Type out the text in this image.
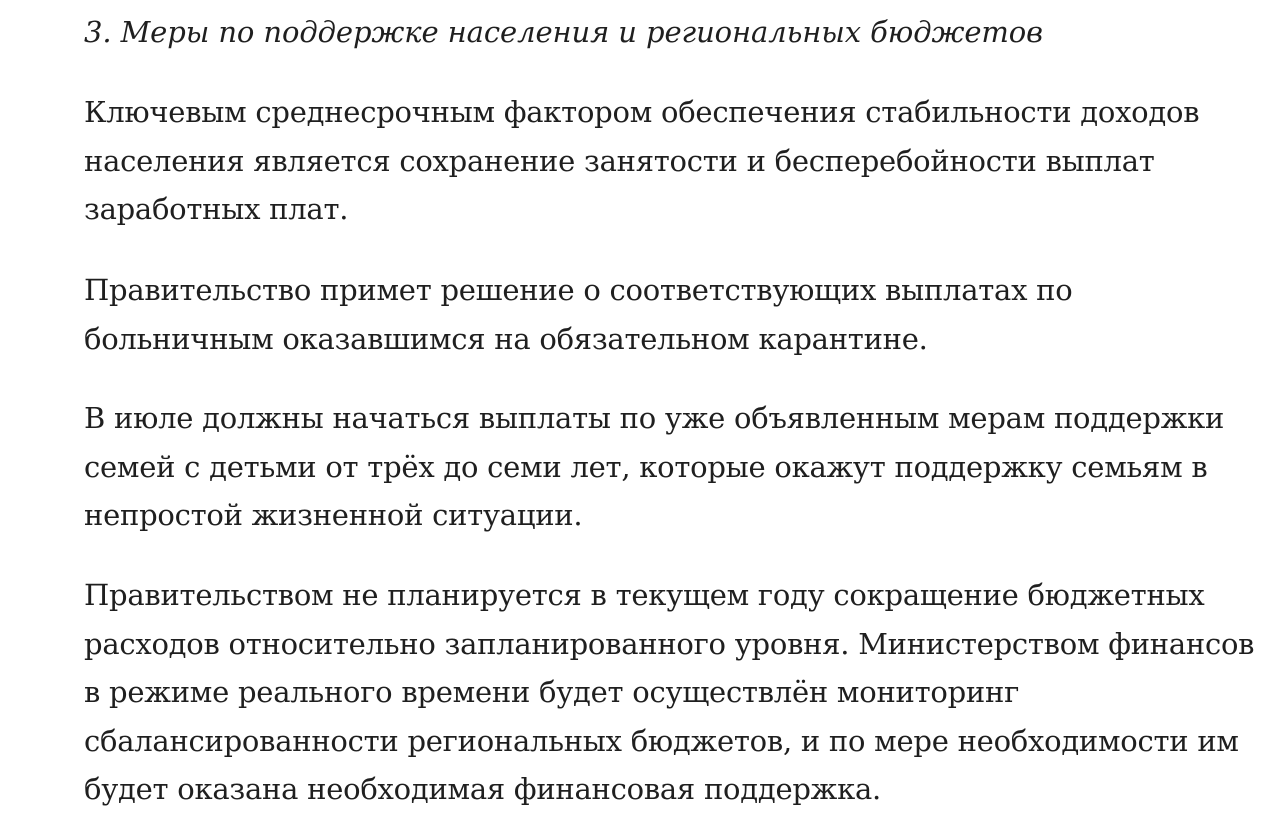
3. Меры по поддержке населения и региональных бюджетов

Ключевым среднесрочным фактором обеспечения стабильности доходов
населения является сохранение занятости и бесперебойности выплат
заработных плат.

Правительство примет решение о соответствующих выплатах по
больничным оказавшимся на обязательном карантине.

В июле должны начаться выплаты по уже объявленным мерам поддержки
семей с детьми от трёх до семи лет, которые окажут поддержку семьям в
непростой жизненной ситуации.

Правительством не планируется в текущем году сокращение бюджетных
расходов относительно запланированного уровня. Министерством финансов
в режиме реального времени будет осуществлён мониторинг
сбалансированности региональных бюджетов, и по мере необходимости им
будет оказана необходимая финансовая поддержка.
